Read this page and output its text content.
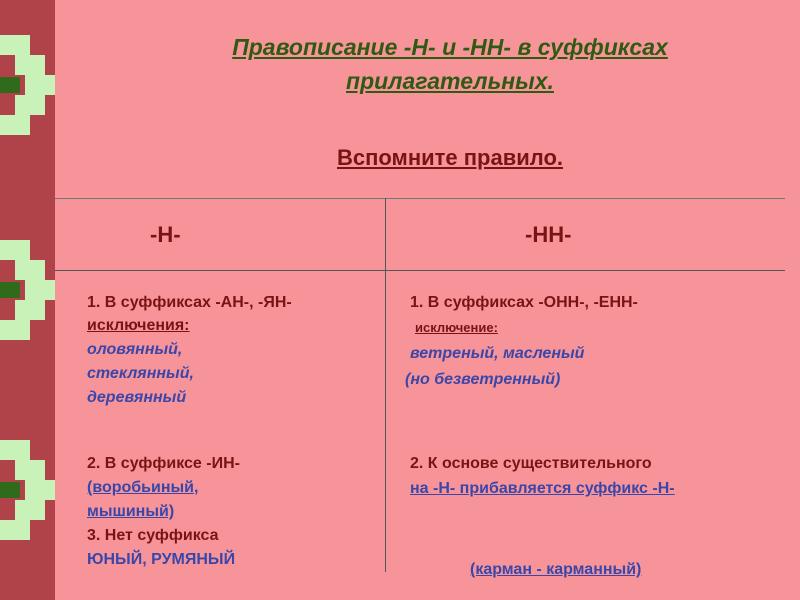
Правописание -Н- и -НН- в суффиксах
прилагательных.
Вспомните правило.
-Н-	-НН-
1. В суффиксах -АН-, -ЯН-
исключения:
оловянный,
стеклянный,
деревянный
2. В суффиксе -ИН-
(воробьиный,
мышиный)
3. Нет суффикса
ЮНЫЙ, РУМЯНЫЙ
1. В суффиксах -ОНН-, -ЕНН-
исключение:
ветреный, масленый
(но безветренный)
2. К основе существительного
на -Н- прибавляется суффикс -Н-
(карман - карманный)
